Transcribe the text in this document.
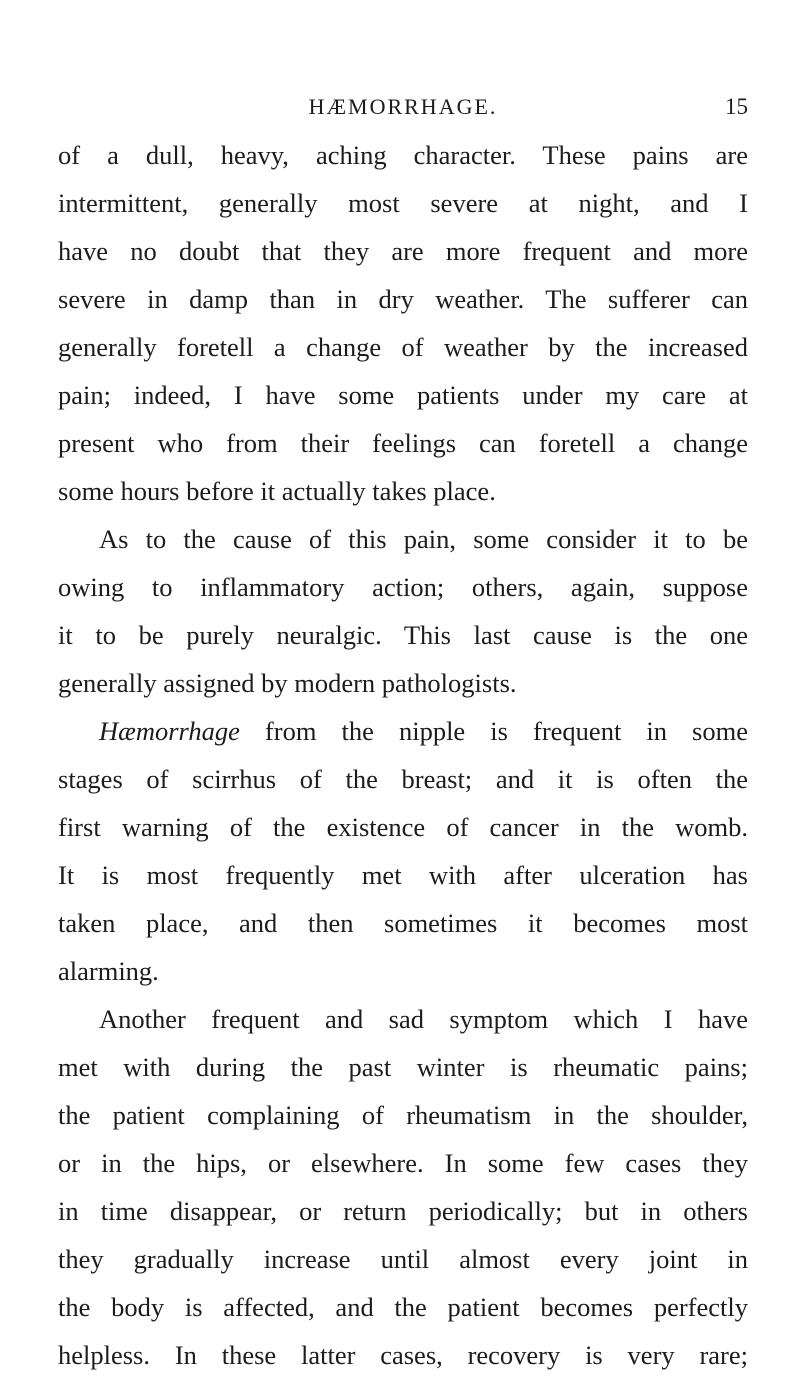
HÆMORRHAGE.	15
of a dull, heavy, aching character. These pains are
intermittent, generally most severe at night, and I
have no doubt that they are more frequent and more
severe in damp than in dry weather. The sufferer can
generally foretell a change of weather by the increased
pain; indeed, I have some patients under my care at
present who from their feelings can foretell a change
some hours before it actually takes place.
As to the cause of this pain, some consider it to be
owing to inflammatory action; others, again, suppose
it to be purely neuralgic. This last cause is the one
generally assigned by modern pathologists.
Hæmorrhage from the nipple is frequent in some
stages of scirrhus of the breast; and it is often the
first warning of the existence of cancer in the womb.
It is most frequently met with after ulceration has
taken place, and then sometimes it becomes most
alarming.
Another frequent and sad symptom which I have
met with during the past winter is rheumatic pains;
the patient complaining of rheumatism in the shoulder,
or in the hips, or elsewhere. In some few cases they
in time disappear, or return periodically; but in others
they gradually increase until almost every joint in
the body is affected, and the patient becomes perfectly
helpless. In these latter cases, recovery is very rare;
